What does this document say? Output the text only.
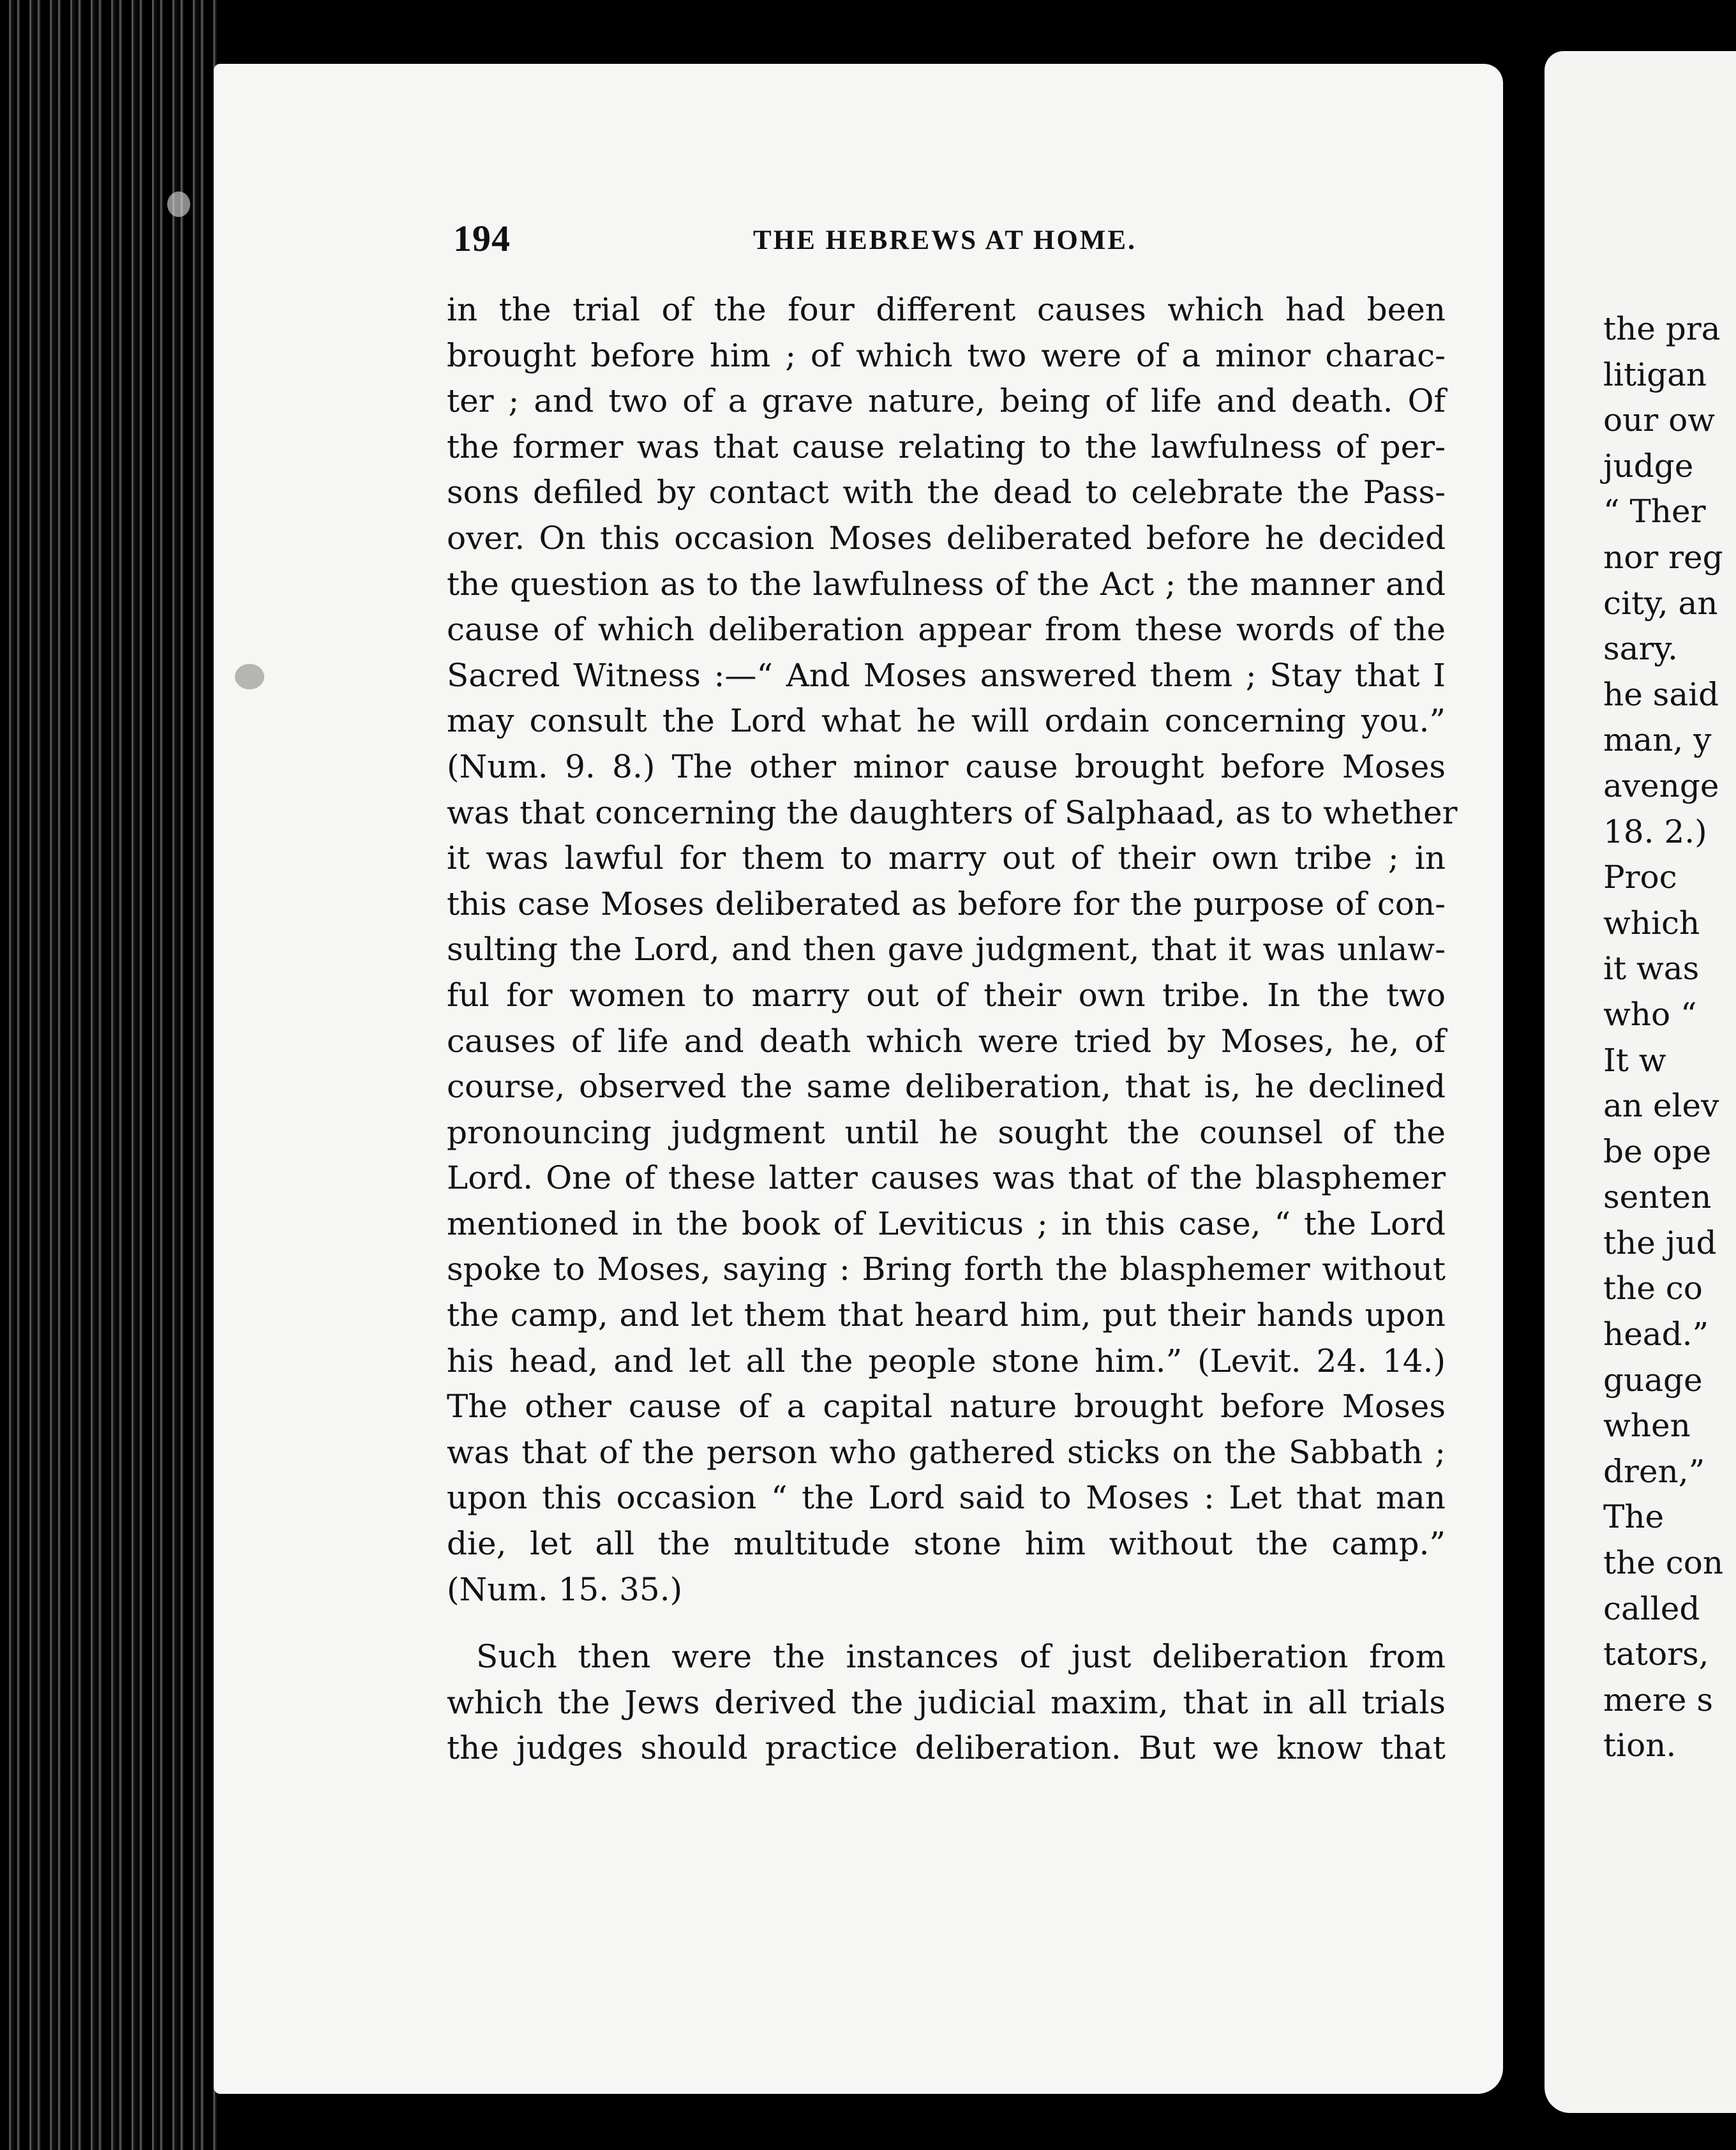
194	THE HEBREWS AT HOME.
in the trial of the four different causes which had been
brought before him ; of which two were of a minor charac-
ter ; and two of a grave nature, being of life and death. Of
the former was that cause relating to the lawfulness of per-
sons defiled by contact with the dead to celebrate the Pass-
over. On this occasion Moses deliberated before he decided
the question as to the lawfulness of the Act ; the manner and
cause of which deliberation appear from these words of the
Sacred Witness :—“ And Moses answered them ; Stay that I
may consult the Lord what he will ordain concerning you.”
(Num. 9. 8.) The other minor cause brought before Moses
was that concerning the daughters of Salphaad, as to whether
it was lawful for them to marry out of their own tribe ; in
this case Moses deliberated as before for the purpose of con-
sulting the Lord, and then gave judgment, that it was unlaw-
ful for women to marry out of their own tribe. In the two
causes of life and death which were tried by Moses, he, of
course, observed the same deliberation, that is, he declined
pronouncing judgment until he sought the counsel of the
Lord. One of these latter causes was that of the blasphemer
mentioned in the book of Leviticus ; in this case, “ the Lord
spoke to Moses, saying : Bring forth the blasphemer without
the camp, and let them that heard him, put their hands upon
his head, and let all the people stone him.” (Levit. 24. 14.)
The other cause of a capital nature brought before Moses
was that of the person who gathered sticks on the Sabbath ;
upon this occasion “ the Lord said to Moses : Let that man
die, let all the multitude stone him without the camp.”
(Num. 15. 35.)
Such then were the instances of just deliberation from
which the Jews derived the judicial maxim, that in all trials
the judges should practice deliberation. But we know that
the pra
litigan
our ow
judge
“ Ther
nor reg
city, an
sary.
he said
man, y
avenge
18. 2.)
Proc
which
it was
who “
It w
an elev
be ope
senten
the jud
the co
head.”
guage
when
dren,”
The
the con
called
tators,
mere s
tion.
